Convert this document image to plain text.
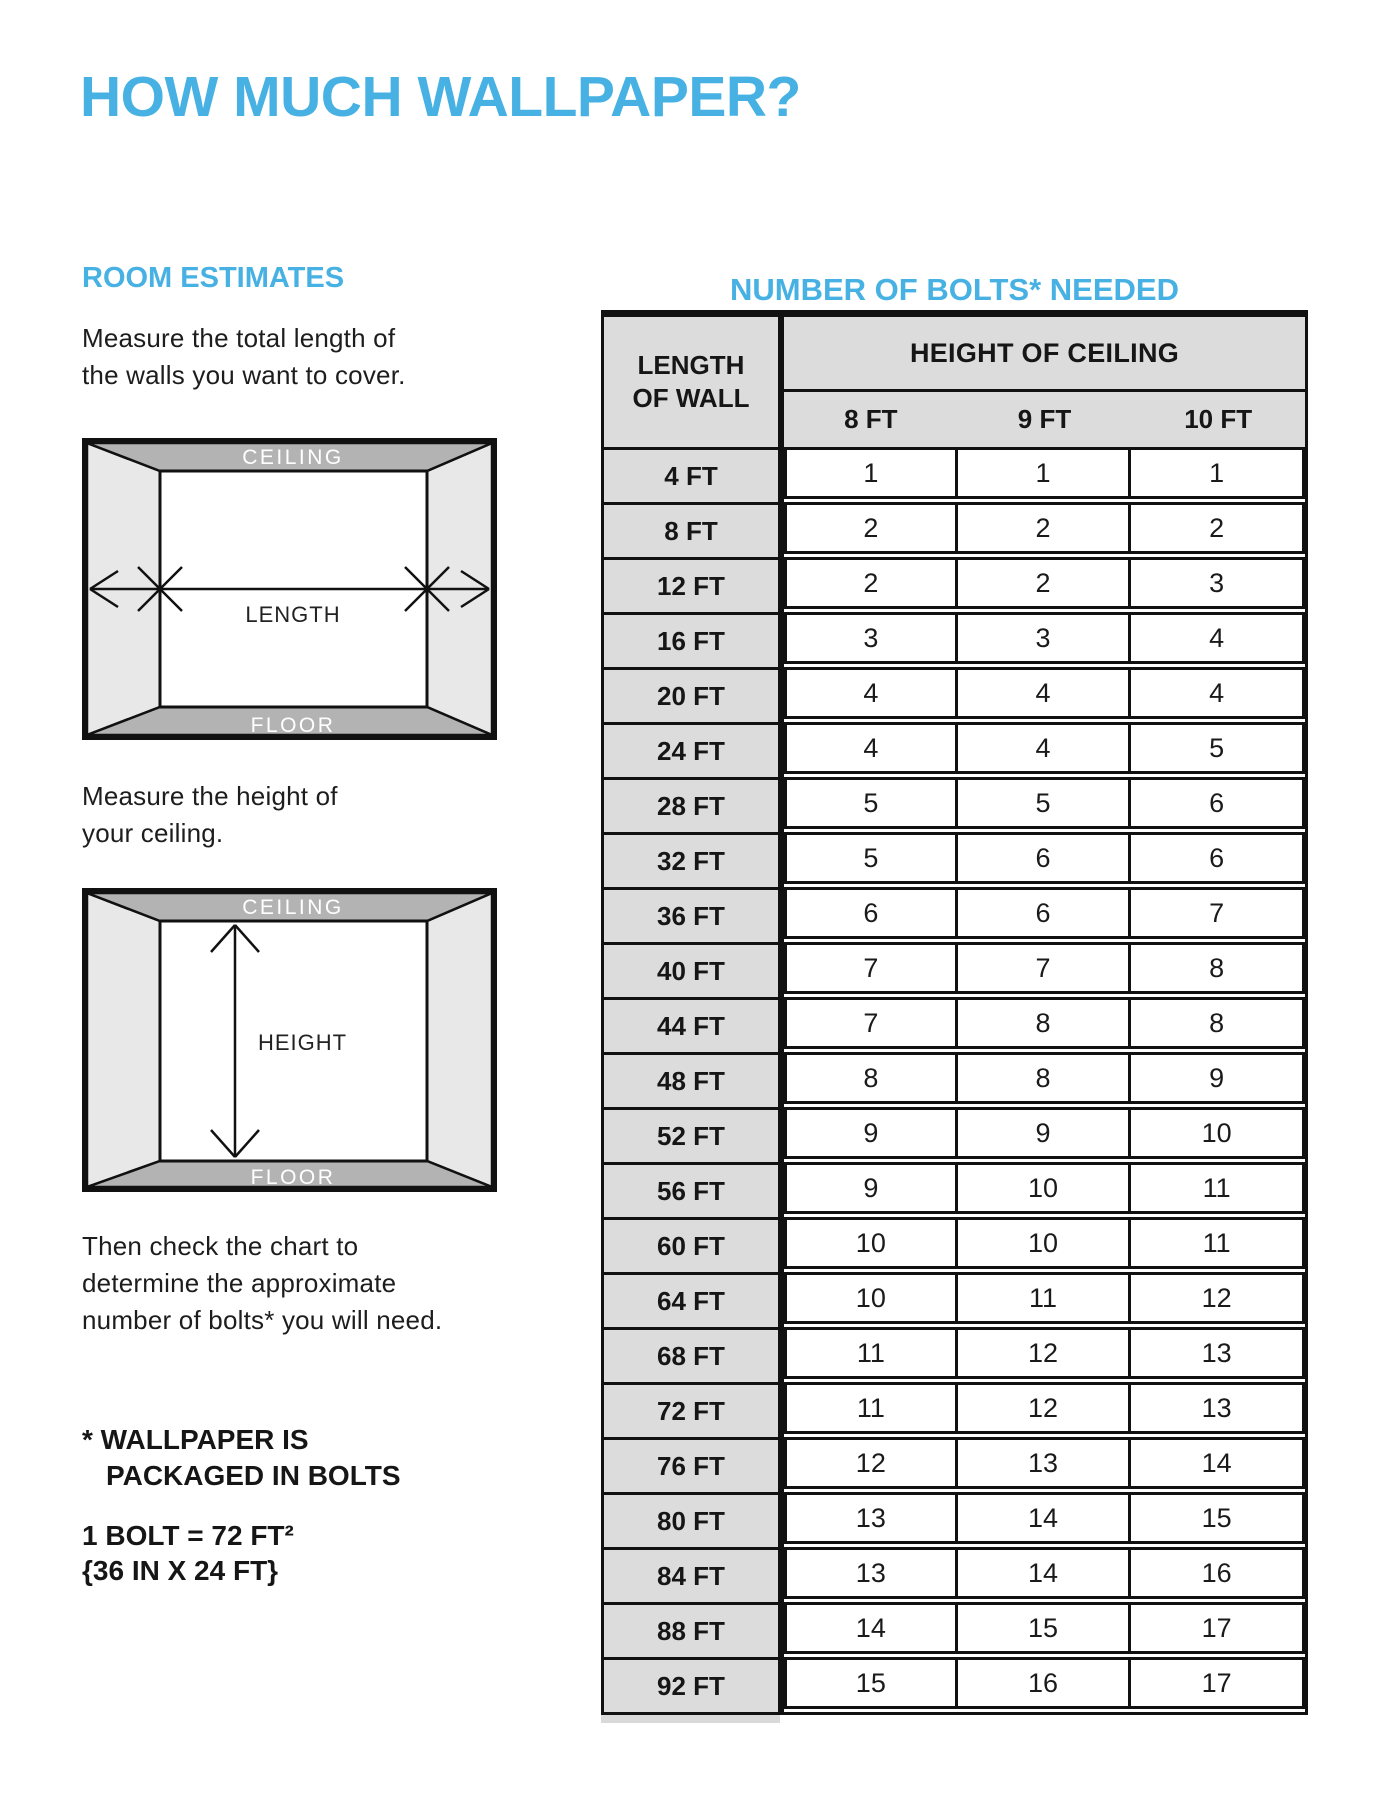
HOW MUCH WALLPAPER?
ROOM ESTIMATES
Measure the total length of
the walls you want to cover.
CEILING
LENGTH
FLOOR
Measure the height of
your ceiling.
CEILING
HEIGHT
FLOOR
Then check the chart to
determine the approximate
number of bolts* you will need.
* WALLPAPER IS
PACKAGED IN BOLTS
1 BOLT = 72 FT²
{36 IN X 24 FT}
NUMBER OF BOLTS* NEEDED
LENGTH
OF WALL
HEIGHT OF CEILING
8 FT	9 FT	10 FT
4 FT	1	1	1
8 FT	2	2	2
12 FT	2	2	3
16 FT	3	3	4
20 FT	4	4	4
24 FT	4	4	5
28 FT	5	5	6
32 FT	5	6	6
36 FT	6	6	7
40 FT	7	7	8
44 FT	7	8	8
48 FT	8	8	9
52 FT	9	9	10
56 FT	9	10	11
60 FT	10	10	11
64 FT	10	11	12
68 FT	11	12	13
72 FT	11	12	13
76 FT	12	13	14
80 FT	13	14	15
84 FT	13	14	16
88 FT	14	15	17
92 FT	15	16	17
